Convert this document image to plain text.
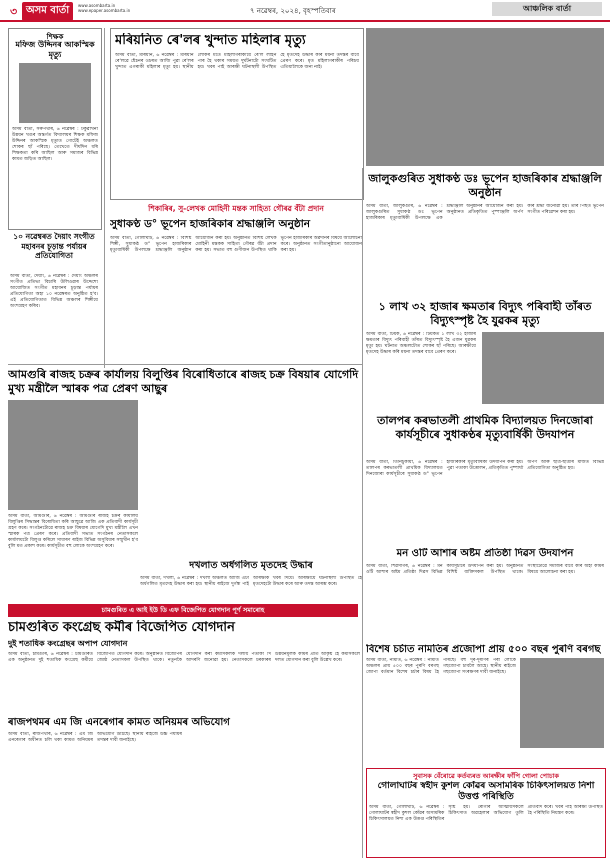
৩ অসম বাৰ্তা	www.asombarta.in
www.epaper.asombarta.in	৭ নৱেম্বৰ, ২০২৪, বৃহস্পতিবাৰ	আঞ্চলিক বাৰ্তা
শিক্ষক
মফিজ উদ্দিনৰ আকস্মিক মৃত্যু
অসম বাৰ্তা, সৰুপথাৰ, ৬ নৱেম্বৰ : ঢকুৱাখনা উন্নয়ন খণ্ডৰ অন্তৰ্গত বিদ্যালয়ৰ শিক্ষক মফিজ উদ্দিনৰ আকস্মিক মৃত্যুত গোটেই অঞ্চলত শোকৰ ছাঁ পৰিছে। তেখেতে দীৰ্ঘদিন ধৰি শিক্ষকতা কৰি আছিল আৰু সমাজৰ বিভিন্ন কামত জড়িত আছিল।
১০ নৱেম্বৰত দৈয়াং সংগীত মহাবনৰ চূড়ান্ত পৰ্যায়ৰ প্ৰতিযোগিতা
অসম বাৰ্তা, দৈয়াং, ৬ নৱেম্বৰ : দৈয়াং অঞ্চলৰ সংগীত প্ৰতিভা বিচাৰি উলিওৱাৰ উদ্দেশ্যে আয়োজিত সংগীত মহাবনৰ চূড়ান্ত পৰ্যায়ৰ প্ৰতিযোগিতা অহা ১০ নৱেম্বৰত অনুষ্ঠিত হ'ব। এই প্ৰতিযোগিতাত বিভিন্ন অঞ্চলৰ শিল্পীয়ে অংশগ্ৰহণ কৰিব।
মৰিয়নিত ৰে'লৰ খুন্দাত মহিলাৰ মৃত্যু
অসম বাৰ্তা, মৰিয়নি, ৬ নৱেম্বৰ : মৰিয়নি ৰে'লৱে ষ্টেচনৰ ওচৰত আজি পুৱা ৰে'লৰ খুন্দাত এগৰাকী মহিলাৰ মৃত্যু হয়। স্থানীয় লোকৰ মতে মহিলাগৰাকীয়ে ৰে'ল লাইন পাৰ হৈ থকাৰ সময়ত দুৰ্ঘটনাটো সংঘটিত হয়। খবৰ পাই আৰক্ষী ঘটনাস্থলী উপস্থিত হৈ মৃতদেহ উদ্ধাৰ কৰি ময়না তদন্তৰ বাবে প্ৰেৰণ কৰে। মৃত মহিলাগৰাকীৰ পৰিচয় এতিয়ালৈকে জনা নাই।
শিকাৰিৰ, সু-লেখক মোহিনী মন্তক সাহিত্য গৌৰৱ বঁটা প্ৰদান
সুধাকণ্ঠ ড° ভূপেন হাজৰিকাৰ শ্ৰদ্ধাঞ্জলি অনুষ্ঠান
অসম বাৰ্তা, গোলাঘাট, ৬ নৱেম্বৰ : বিশিষ্ট শিল্পী, সুধাকণ্ঠ ড° ভূপেন হাজৰিকাৰ মৃত্যুবাৰ্ষিকী উপলক্ষে শ্ৰদ্ধাঞ্জলি অনুষ্ঠান আয়োজন কৰা হয়। অনুষ্ঠানত বিশিষ্ট লেখক মোহিনী মন্তকক সাহিত্য গৌৰৱ বঁটা প্ৰদান কৰা হয়। সভাত বহু গুণীজন উপস্থিত থাকি ভূপেন হাজৰিকাৰ অৱদানৰ বিষয়ে আলোচনা কৰে। অনুষ্ঠানত সংগীতানুষ্ঠানো আয়োজন কৰা হয়।
জালুকগুৰিত সুধাকণ্ঠ ডঃ ভূপেন হাজৰিকাৰ শ্ৰদ্ধাঞ্জলি অনুষ্ঠান
অসম বাৰ্তা, জালুকগুৰি, ৬ নৱেম্বৰ : জালুকগুৰিত সুধাকণ্ঠ ডঃ ভূপেন হাজৰিকাৰ মৃত্যুবাৰ্ষিকী উপলক্ষে এক শ্ৰদ্ধাঞ্জলি অনুষ্ঠানৰ আয়োজন কৰা হয়। অনুষ্ঠানত প্ৰতিকৃতিত পুষ্পাঞ্জলি অৰ্পণ কৰি শ্ৰদ্ধা জনোৱা হয়। তাৰ পিছত ভূপেন সংগীত পৰিৱেশন কৰা হয়।
১ লাখ ৩২ হাজাৰ ক্ষমতাৰ বিদ্যুৎ পৰিবাহী তাঁৰত বিদ্যুৎস্পৃষ্ট হৈ যুৱকৰ মৃত্যু
অসম বাৰ্তা, টিয়ক, ৬ নৱেম্বৰ : টিয়কত ১ লাখ ৩২ হাজাৰ ক্ষমতাৰ বিদ্যুৎ পৰিবাহী তাঁৰত বিদ্যুৎস্পৃষ্ট হৈ এজন যুৱকৰ মৃত্যু হয়। ঘটনাত অঞ্চলটোত শোকৰ ছাঁ পৰিছে। আৰক্ষীয়ে মৃতদেহ উদ্ধাৰ কৰি ময়না তদন্তৰ বাবে প্ৰেৰণ কৰে।
আমগুৰি ৰাজহ চক্ৰৰ কাৰ্যালয় বিলুপ্তিৰ বিৰোধিতাৰে ৰাজহ চক্ৰ বিষয়াৰ যোগেদি মুখ্য মন্ত্ৰীলৈ স্মাৰক পত্ৰ প্ৰেৰণ আছুৰ
অসম বাৰ্তা, আমগুৰি, ৬ নৱেম্বৰ : আমগুৰি ৰাজহ চক্ৰৰ কাৰ্যালয় বিলুপ্তিৰ সিদ্ধান্তৰ বিৰোধিতা কৰি আছুৱে আজি এক প্ৰতিবাদী কাৰ্যসূচী গ্ৰহণ কৰে। সংগঠনটোৱে ৰাজহ চক্ৰ বিষয়াৰ যোগেদি মুখ্য মন্ত্ৰীলৈ এখন স্মাৰক পত্ৰ প্ৰেৰণ কৰে। প্ৰতিবাদী সভাত সংগঠনৰ নেতাসকলে কাৰ্যালয়টো বিলুপ্ত কৰিলে সাধাৰণ ৰাইজ বিভিন্ন অসুবিধাৰ সন্মুখীন হ'ব বুলি মত প্ৰকাশ কৰে। কাৰ্যসূচীত বহু লোকে অংশগ্ৰহণ কৰে।
তালপৰ কৰভাতলী প্ৰাথমিক বিদ্যালয়ত দিনজোৰা কাৰ্যসূচীৰে সুধাকণ্ঠৰ মৃত্যুবাৰ্ষিকী উদযাপন
অসম বাৰ্তা, তিনিচুকীয়া, ৬ নৱেম্বৰ : তালপৰ কৰভাতলী প্ৰাথমিক বিদ্যালয়ত দিনজোৰা কাৰ্যসূচীৰে সুধাকণ্ঠ ড° ভূপেন হাজৰিকাৰ মৃত্যুবাৰ্ষিকী উদযাপন কৰা হয়। পুৱা পতাকা উত্তোলন, প্ৰতিকৃতিত পুষ্পাৰ্ঘ্য অৰ্পণ আৰু ছাত্ৰ-ছাত্ৰীৰ মাজত বিভিন্ন প্ৰতিযোগিতা অনুষ্ঠিত হয়।
মন ওটি আশাৰ অষ্টম প্ৰতিষ্ঠা দিৱস উদযাপন
অসম বাৰ্তা, শিৱসাগৰ, ৬ নৱেম্বৰ : মন ওটি আশাৰ অষ্টম প্ৰতিষ্ঠা দিৱস বিভিন্ন কাৰ্যসূচীৰে উদযাপন কৰা হয়। অনুষ্ঠানত বিশিষ্ট ব্যক্তিসকল উপস্থিত থাকে। সংস্থাটোৱে সমাজৰ বাবে কৰি অহা কামৰ বিষয়ে আলোচনা কৰা হয়।
দখলাত অৰ্ধগলিত মৃতদেহ উদ্ধাৰ
অসম বাৰ্তা, দখলা, ৬ নৱেম্বৰ : দখলা অঞ্চলত আজি এটা অৰ্ধগলিত মৃতদেহ উদ্ধাৰ কৰা হয়। স্থানীয় ৰাইজে দুৰ্গন্ধ পাই আৰক্ষীক খবৰ দিয়ে। আৰক্ষীয়ে ঘটনাস্থলী উপস্থিত হৈ মৃতদেহটো উদ্ধাৰ কৰে আৰু তদন্ত আৰম্ভ কৰে।
চামগুৰিত এ আই ইউ ডি এফ বিজেপিত যোগদান পূৰ্ণ সমাৰোহ
চামগুৰিত কংগ্ৰেছ কৰ্মীৰ বিজেপিত যোগদান
দুই শতাধিক কংগ্ৰেছৰ অপাপ যোগদান
অসম বাৰ্তা, চামগুৰি, ৬ নৱেম্বৰ : চামগুৰিত এক অনুষ্ঠানত দুই শতাধিক কংগ্ৰেছ কৰ্মীয়ে বিজেপিত যোগদান কৰে। অনুষ্ঠানত বিজেপিৰ জ্যেষ্ঠ নেতাসকল উপস্থিত থাকে। নতুনকৈ যোগদান কৰা কৰ্মীসকলক দলীয় পতাকা দি আদৰণি জনোৱা হয়। নেতাসকলে চৰকাৰৰ উন্নয়নমূলক কামৰ প্ৰতি আকৃষ্ট হৈ কৰ্মীসকলে দলত যোগদান কৰা বুলি উল্লেখ কৰে।
ৰাজপথমৰ এম জি এনৰেগাৰ কামত অনিয়মৰ অভিযোগ
অসম বাৰ্তা, ৰাজপথাৰ, ৬ নৱেম্বৰ : এম জি এনৰেগাৰ অধীনত চলি থকা কামত অনিয়মৰ অভিযোগ উঠিছে। স্থানীয় ৰাইজে উচ্চ পৰ্যায়ৰ তদন্তৰ দাবী জনাইছে।
বিশেষ চৰ্চাত নামতিৰ প্ৰজোপা প্ৰায় ৫০০ বছৰ পুৰণি বৰগছ
অসম বাৰ্তা, নামতি, ৬ নৱেম্বৰ : নামতি অঞ্চলৰ প্ৰায় ৫০০ বছৰ পুৰণি বৰগছ জোপা বৰ্তমান বিশেষ চৰ্চাৰ বিষয় হৈ পৰিছে। বহু দূৰ-দূৰণিৰ পৰা লোকে গছজোপা চাবলৈ আহে। স্থানীয় ৰাইজে গছজোপা সংৰক্ষণৰ দাবী জনাইছে।
সুবাসক বেঁৰোৱে কৰ্তব্যৰত আৰক্ষীৰ ফাঁপি গোলা পোচাক
গোলাঘাটৰ স্বহীদ কুশল কোঁৱৰ অসামৰিক চিকিৎসালয়ত নিশা উত্তপ্ত পৰিস্থিতি
অসম বাৰ্তা, গোলাঘাট, ৬ নৱেম্বৰ : গোলাঘাটৰ স্বহীদ কুশল কোঁৱৰ অসামৰিক চিকিৎসালয়ত নিশা এক উত্তপ্ত পৰিস্থিতিৰ সৃষ্টি হয়। ৰোগীৰ আত্মীয়সকলে চিকিৎসাত অৱহেলাৰ অভিযোগ তুলি প্ৰতিবাদ কৰে। খবৰ পাই আৰক্ষী উপস্থিত হৈ পৰিস্থিতি নিয়ন্ত্ৰণ কৰে।
